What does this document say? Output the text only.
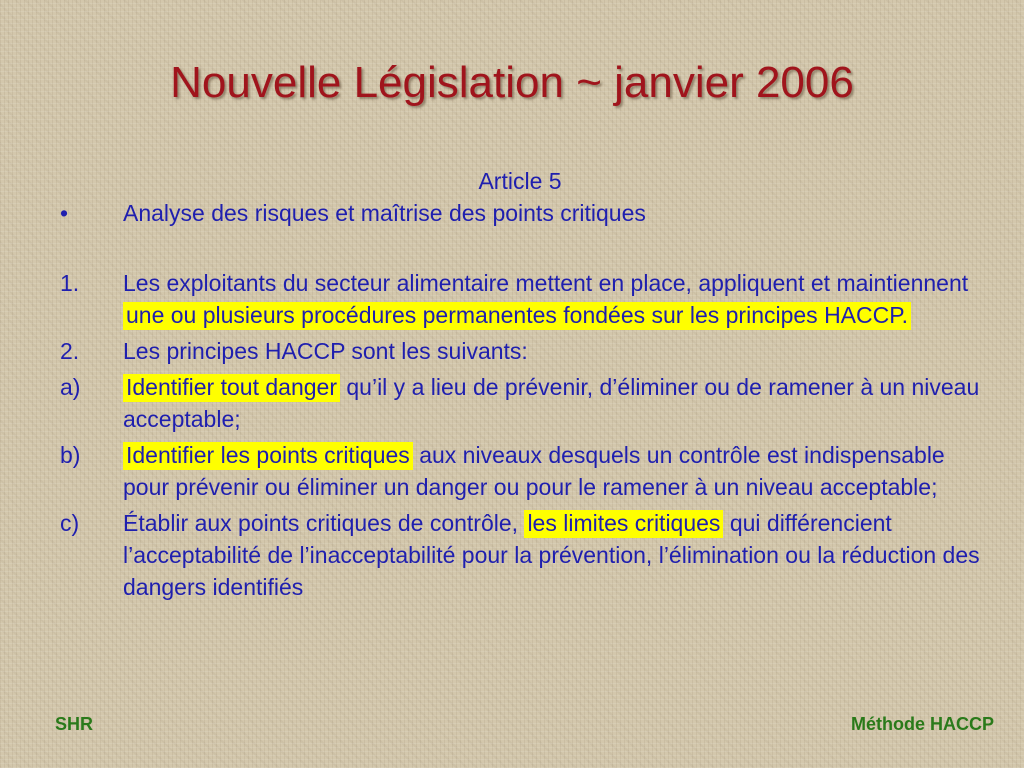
Nouvelle Législation ~ janvier 2006
Article 5
•	Analyse des risques et maîtrise des points critiques
1.	Les exploitants du secteur alimentaire mettent en place, appliquent et maintiennent une ou plusieurs procédures permanentes fondées sur les principes HACCP.
2.	Les principes HACCP sont les suivants:
a)	Identifier tout danger qu’il y a lieu de prévenir, d’éliminer ou de ramener à un niveau acceptable;
b)	Identifier les points critiques aux niveaux desquels un contrôle est indispensable pour prévenir ou éliminer un danger ou pour le ramener à un niveau acceptable;
c)	Établir aux points critiques de contrôle, les limites critiques qui différencient l’acceptabilité de l’inacceptabilité pour la prévention, l’élimination ou la réduction des dangers identifiés
SHR	Méthode HACCP
